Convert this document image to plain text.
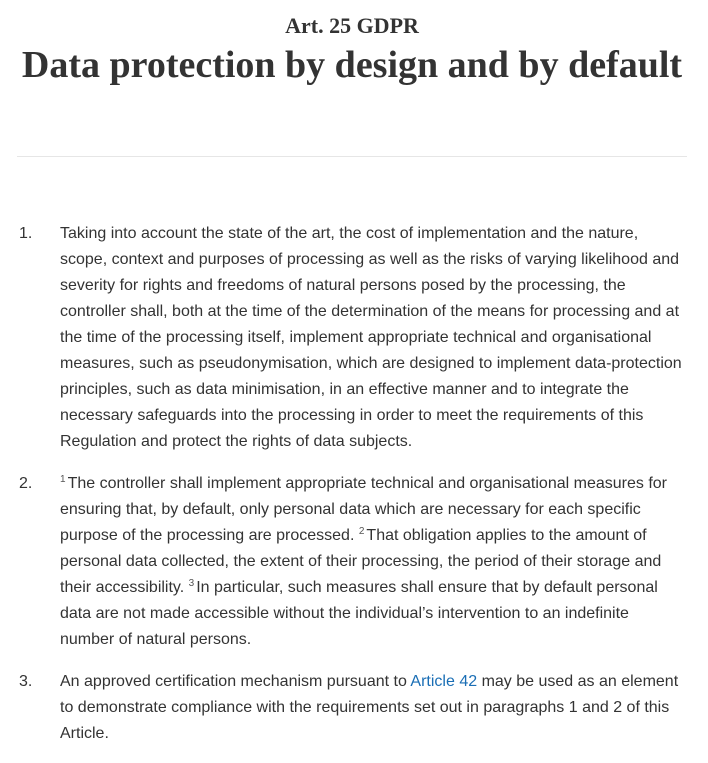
Art. 25 GDPR
Data protection by design and by default
1. Taking into account the state of the art, the cost of implementation and the nature, scope, context and purposes of processing as well as the risks of varying likelihood and severity for rights and freedoms of natural persons posed by the processing, the controller shall, both at the time of the determination of the means for processing and at the time of the processing itself, implement appropriate technical and organisational measures, such as pseudonymisation, which are designed to implement data-protection principles, such as data minimisation, in an effective manner and to integrate the necessary safeguards into the processing in order to meet the requirements of this Regulation and protect the rights of data subjects.
2.	$^1$ The controller shall implement appropriate technical and organisational measures for ensuring that, by default, only personal data which are necessary for each specific purpose of the processing are processed. $^2$ That obligation applies to the amount of personal data collected, the extent of their processing, the period of their storage and their accessibility. $^3$ In particular, such measures shall ensure that by default personal data are not made accessible without the individual’s intervention to an indefinite number of natural persons.
3. An approved certification mechanism pursuant to Article 42 may be used as an element to demonstrate compliance with the requirements set out in paragraphs 1 and 2 of this Article.
